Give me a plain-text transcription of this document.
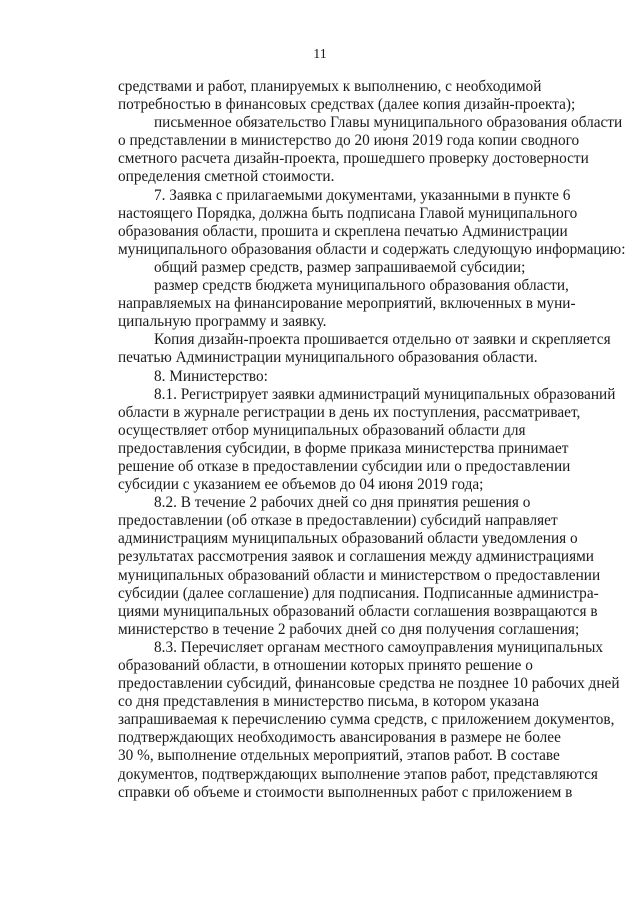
11
средствами и работ, планируемых к выполнению, с необходимой
потребностью в финансовых средствах (далее копия дизайн-проекта);
письменное обязательство Главы муниципального образования области
о представлении в министерство до 20 июня 2019 года копии сводного
сметного расчета дизайн-проекта, прошедшего проверку достоверности
определения сметной стоимости.
7. Заявка с прилагаемыми документами, указанными в пункте 6
настоящего Порядка, должна быть подписана Главой муниципального
образования области, прошита и скреплена печатью Администрации
муниципального образования области и содержать следующую информацию:
общий размер средств, размер запрашиваемой субсидии;
размер средств бюджета муниципального образования области,
направляемых на финансирование мероприятий, включенных в муни-
ципальную программу и заявку.
Копия дизайн-проекта прошивается отдельно от заявки и скрепляется
печатью Администрации муниципального образования области.
8. Министерство:
8.1. Регистрирует заявки администраций муниципальных образований
области в журнале регистрации в день их поступления, рассматривает,
осуществляет отбор муниципальных образований области для
предоставления субсидии, в форме приказа министерства принимает
решение об отказе в предоставлении субсидии или о предоставлении
субсидии с указанием ее объемов до 04 июня 2019 года;
8.2. В течение 2 рабочих дней со дня принятия решения о
предоставлении (об отказе в предоставлении) субсидий направляет
администрациям муниципальных образований области уведомления о
результатах рассмотрения заявок и соглашения между администрациями
муниципальных образований области и министерством о предоставлении
субсидии (далее соглашение) для подписания. Подписанные администра-
циями муниципальных образований области соглашения возвращаются в
министерство в течение 2 рабочих дней со дня получения соглашения;
8.3. Перечисляет органам местного самоуправления муниципальных
образований области, в отношении которых принято решение о
предоставлении субсидий, финансовые средства не позднее 10 рабочих дней
со дня представления в министерство письма, в котором указана
запрашиваемая к перечислению сумма средств, с приложением документов,
подтверждающих необходимость авансирования в размере не более
30 %, выполнение отдельных мероприятий, этапов работ. В составе
документов, подтверждающих выполнение этапов работ, представляются
справки об объеме и стоимости выполненных работ с приложением в
